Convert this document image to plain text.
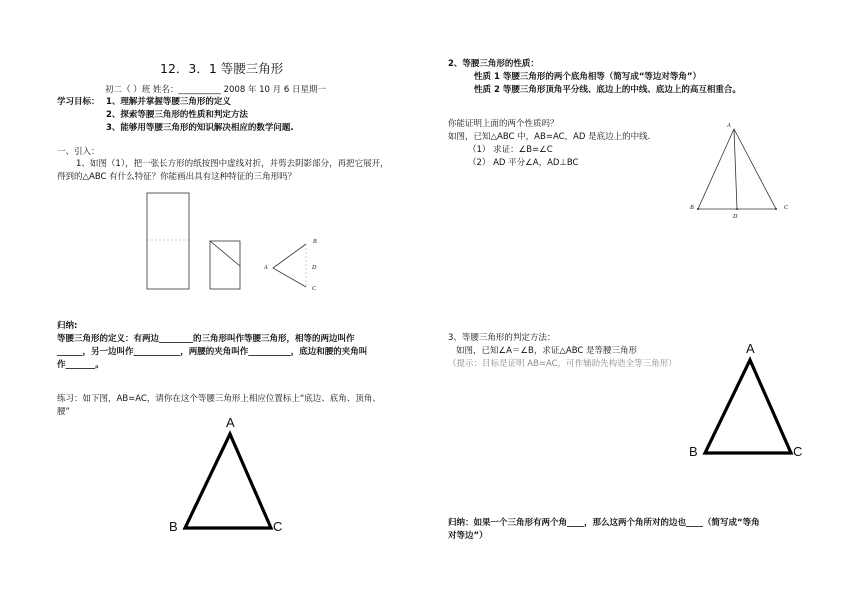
12．3．1 等腰三角形
初二（ ）班 姓名：__________ 2008 年 10 月 6 日星期一
学习目标： 1、理解并掌握等腰三角形的定义
2、探索等腰三角形的性质和判定方法
3、能够用等腰三角形的知识解决相应的数学问题.
一、引入：
1、如图（1），把一张长方形的纸按图中虚线对折，并剪去阴影部分，再把它展开，
得到的△ABC 有什么特征？你能画出具有这种特征的三角形吗？
B
A	D
C
归纳:
等腰三角形的定义：有两边________的三角形叫作等腰三角形，相等的两边叫作
______，另一边叫作___________，两腰的夹角叫作__________，底边和腰的夹角叫
作_______。
练习：如下图，AB=AC，请你在这个等腰三角形上相应位置标上“底边、底角、顶角、
腰”
A
B	C
2、等腰三角形的性质：
性质 1 等腰三角形的两个底角相等（简写成“等边对等角”）
性质 2 等腰三角形顶角平分线、底边上的中线、底边上的高互相重合。
你能证明上面的两个性质吗？
如图，已知△ABC 中，AB=AC，AD 是底边上的中线.
（1） 求证：∠B=∠C
（2） AD 平分∠A，AD⊥BC
A
B
D
C
3、等腰三角形的判定方法：
如图，已知∠A＝∠B，求证△ABC 是等腰三角形
（提示：目标是证明 AB=AC，可作辅助先构造全等三角形）
A
B	C
归纳：如果一个三角形有两个角____，那么这两个角所对的边也____（简写成“等角
对等边”）
